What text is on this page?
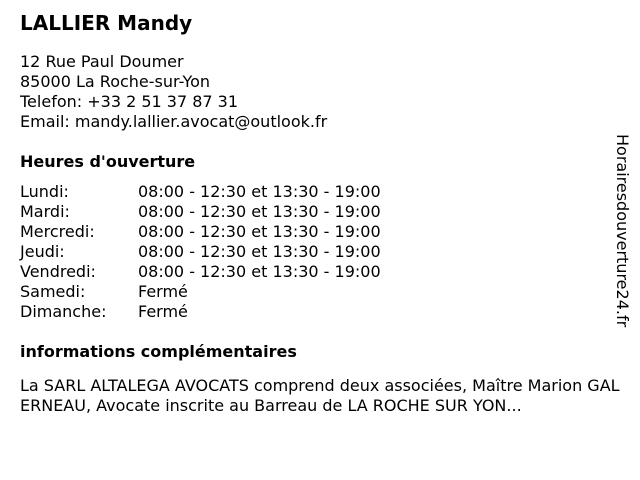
LALLIER Mandy
12 Rue Paul Doumer
85000 La Roche-sur-Yon
Telefon: +33 2 51 37 87 31
Email: mandy.lallier.avocat@outlook.fr
Heures d'ouverture
Lundi:	08:00 - 12:30 et 13:30 - 19:00
Mardi:	08:00 - 12:30 et 13:30 - 19:00
Mercredi:	08:00 - 12:30 et 13:30 - 19:00
Jeudi:	08:00 - 12:30 et 13:30 - 19:00
Vendredi:	08:00 - 12:30 et 13:30 - 19:00
Samedi:	Fermé
Dimanche:	Fermé
informations complémentaires
La SARL ALTALEGA AVOCATS comprend deux associées, Maître Marion GALERNEAU, Avocate inscrite au Barreau de LA ROCHE SUR YON...
Horairesdouverture24.fr
